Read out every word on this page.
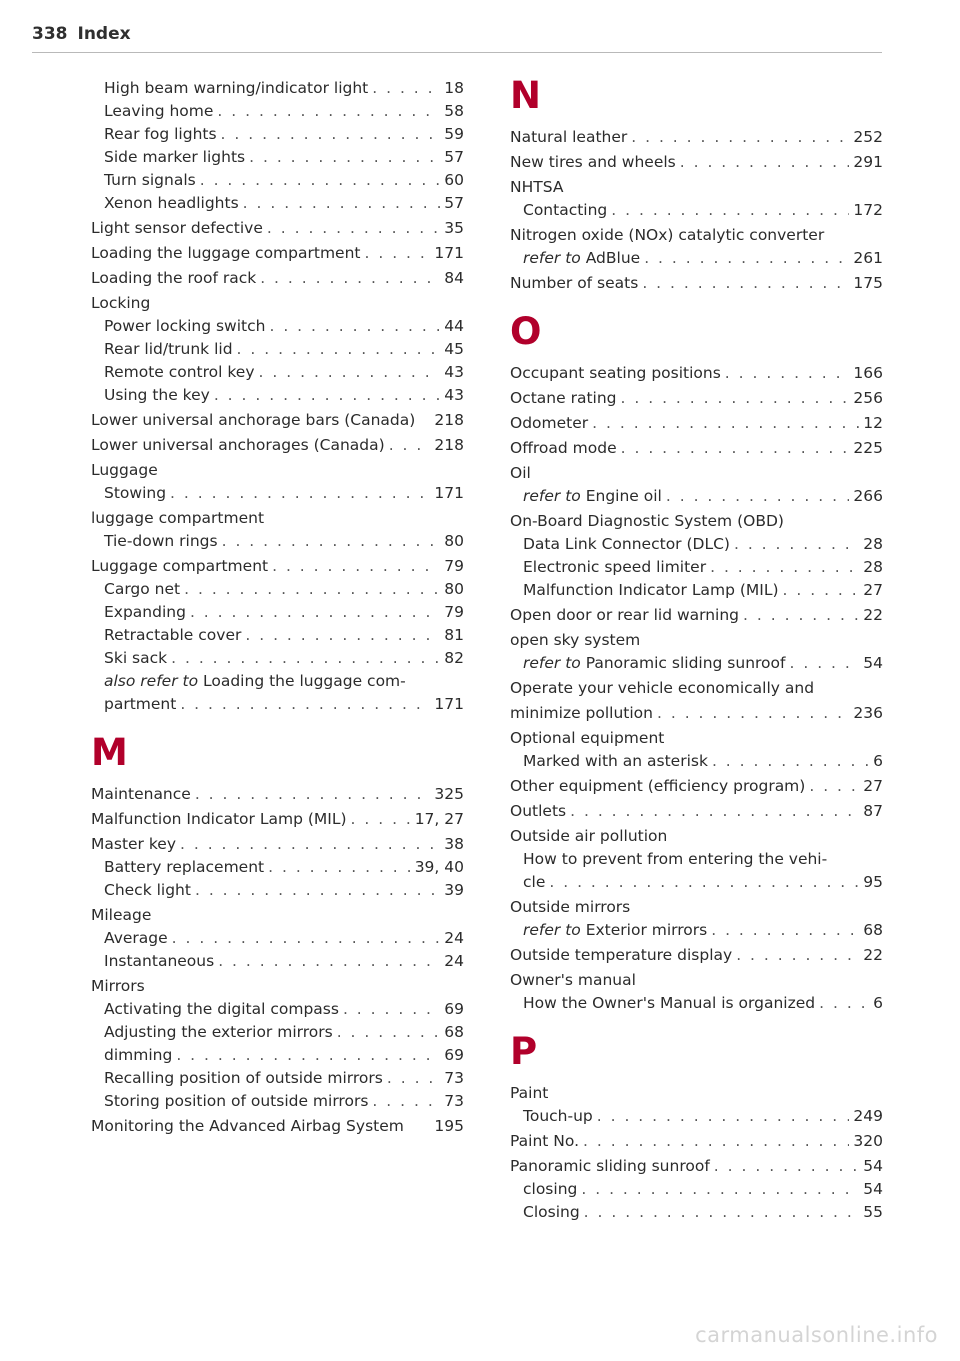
338 Index
High beam warning/indicator light . . .	18
Leaving home . . .	58
Rear fog lights . . .	59
Side marker lights . . .	57
Turn signals . . .	60
Xenon headlights . . .	57
Light sensor defective . . .	35
Loading the luggage compartment . . .	171
Loading the roof rack . . .	84
Locking
Power locking switch . . .	44
Rear lid/trunk lid . . .	45
Remote control key . . .	43
Using the key . . .	43
Lower universal anchorage bars (Canada) 218
Lower universal anchorages (Canada) . . .	218
Luggage
Stowing . . .	171
luggage compartment
Tie-down rings . . .	80
Luggage compartment . . .	79
Cargo net . . .	80
Expanding . . .	79
Retractable cover . . .	81
Ski sack . . .	82
also refer to Loading the luggage com-
partment . . .	171
M
Maintenance . . .	325
Malfunction Indicator Lamp (MIL) . . .	17, 27
Master key . . .	38
Battery replacement . . .	39, 40
Check light . . .	39
Mileage
Average . . .	24
Instantaneous . . .	24
Mirrors
Activating the digital compass . . .	69
Adjusting the exterior mirrors . . .	68
dimming . . .	69
Recalling position of outside mirrors . . .	73
Storing position of outside mirrors . . .	73
Monitoring the Advanced Airbag System 195
N
Natural leather . . .	252
New tires and wheels . . .	291
NHTSA
Contacting . . .	172
Nitrogen oxide (NOx) catalytic converter
refer to AdBlue . . .	261
Number of seats . . .	175
O
Occupant seating positions . . .	166
Octane rating . . .	256
Odometer . . .	12
Offroad mode . . .	225
Oil
refer to Engine oil . . .	266
On-Board Diagnostic System (OBD)
Data Link Connector (DLC) . . .	28
Electronic speed limiter . . .	28
Malfunction Indicator Lamp (MIL) . . .	27
Open door or rear lid warning . . .	22
open sky system
refer to Panoramic sliding sunroof . . .	54
Operate your vehicle economically and
minimize pollution . . .	236
Optional equipment
Marked with an asterisk . . .	6
Other equipment (efficiency program) . . .	27
Outlets . . .	87
Outside air pollution
How to prevent from entering the vehi-
cle . . .	95
Outside mirrors
refer to Exterior mirrors . . .	68
Outside temperature display . . .	22
Owner's manual
How the Owner's Manual is organized . . .	6
P
Paint
Touch-up . . .	249
Paint No. . . .	320
Panoramic sliding sunroof . . .	54
closing . . .	54
Closing . . .	55
carmanualsonline.info
